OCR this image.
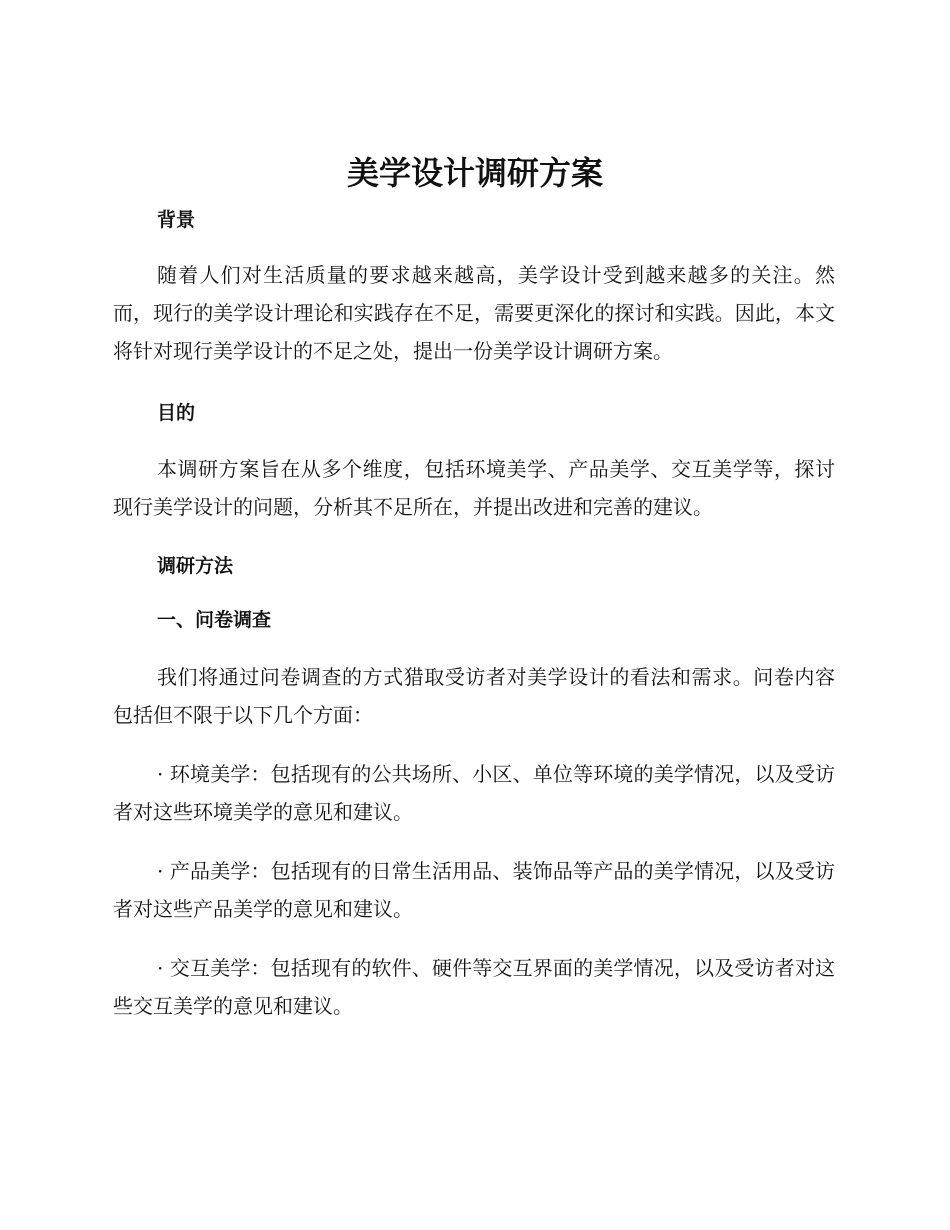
美学设计调研方案
背景

随着人们对生活质量的要求越来越高，美学设计受到越来越多的关注。然而，现行的美学设计理论和实践存在不足，需要更深化的探讨和实践。因此，本文将针对现行美学设计的不足之处，提出一份美学设计调研方案。

目的

本调研方案旨在从多个维度，包括环境美学、产品美学、交互美学等，探讨现行美学设计的问题，分析其不足所在，并提出改进和完善的建议。

调研方法
一、问卷调查

我们将通过问卷调查的方式猎取受访者对美学设计的看法和需求。问卷内容包括但不限于以下几个方面：

· 环境美学：包括现有的公共场所、小区、单位等环境的美学情况，以及受访者对这些环境美学的意见和建议。

· 产品美学：包括现有的日常生活用品、装饰品等产品的美学情况，以及受访者对这些产品美学的意见和建议。

· 交互美学：包括现有的软件、硬件等交互界面的美学情况，以及受访者对这些交互美学的意见和建议。
